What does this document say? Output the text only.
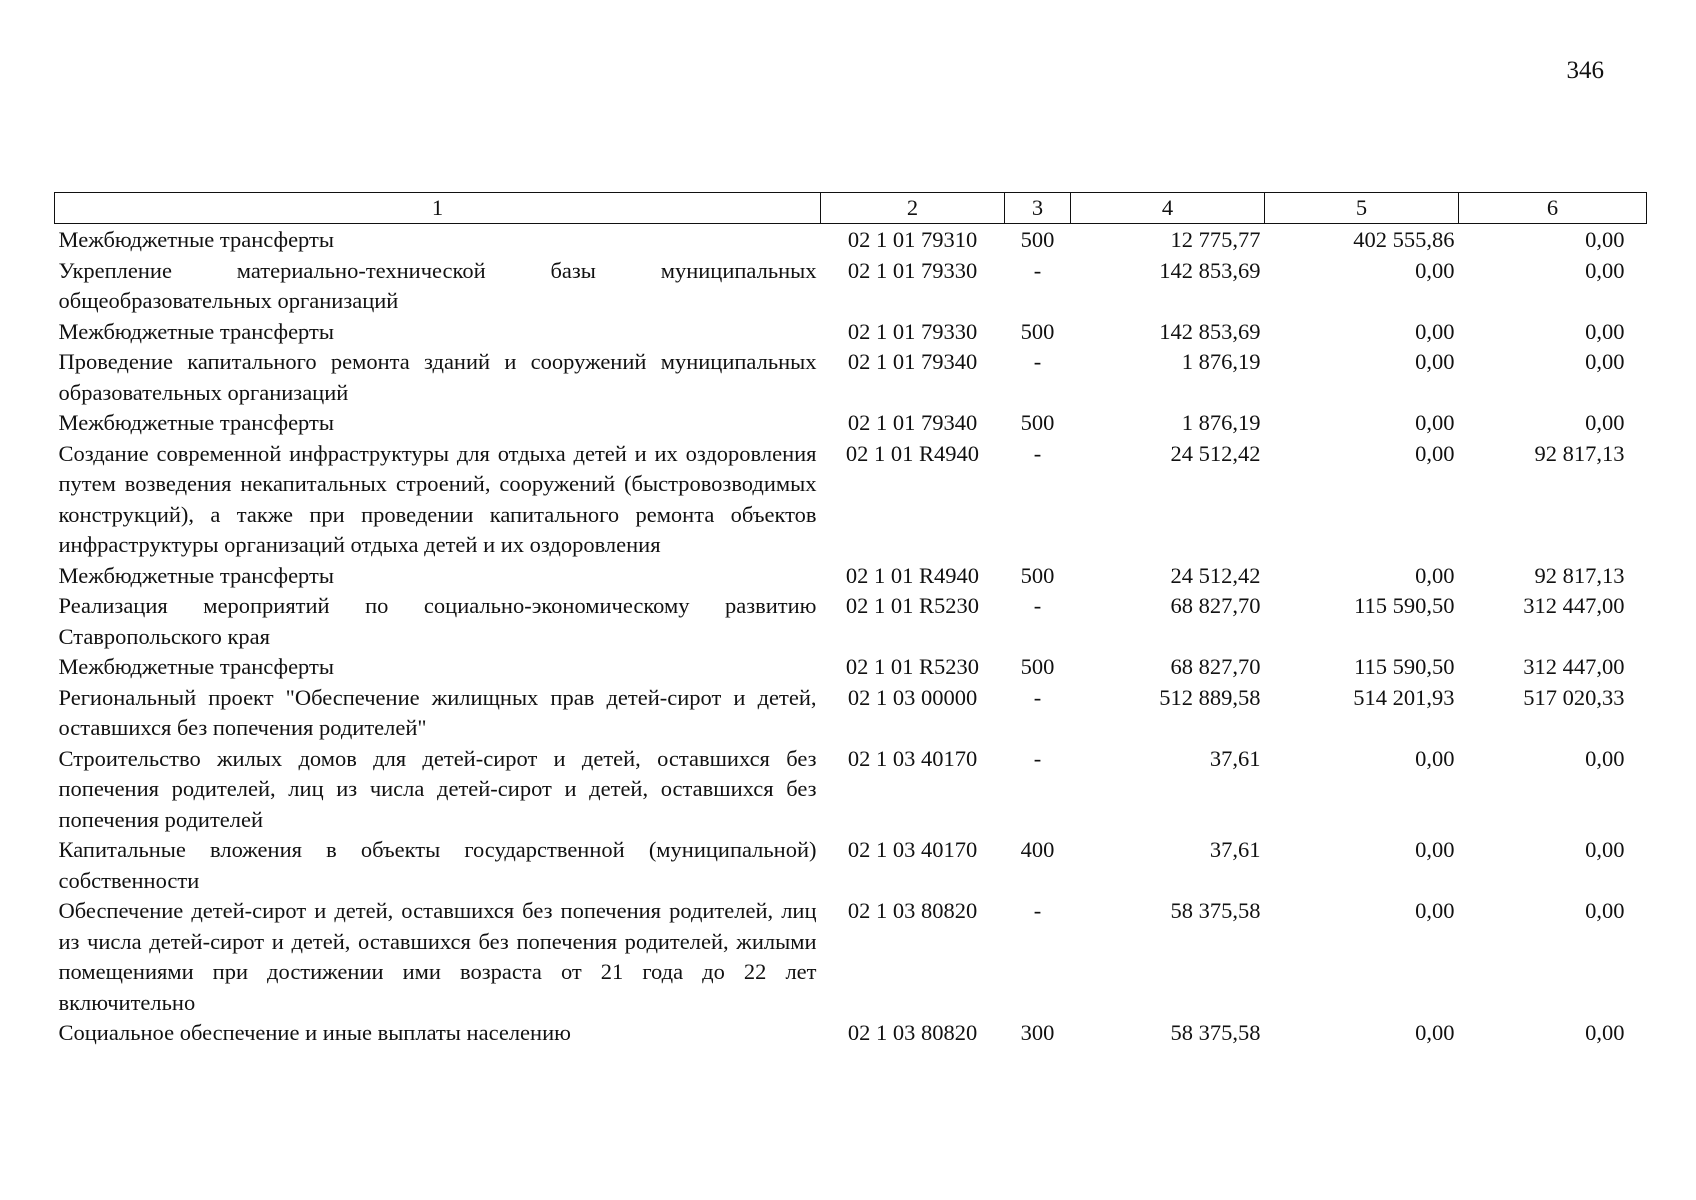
346
1	2	3	4	5	6
Межбюджетные трансферты	02 1 01 79310	500	12 775,77	402 555,86	0,00
Укрепление материально-технической базы муниципальных общеобразовательных организаций	02 1 01 79330	-	142 853,69	0,00	0,00
Межбюджетные трансферты	02 1 01 79330	500	142 853,69	0,00	0,00
Проведение капитального ремонта зданий и сооружений муниципальных образовательных организаций	02 1 01 79340	-	1 876,19	0,00	0,00
Межбюджетные трансферты	02 1 01 79340	500	1 876,19	0,00	0,00
Создание современной инфраструктуры для отдыха детей и их оздоровления путем возведения некапитальных строений, сооружений (быстровозводимых конструкций), а также при проведении капитального ремонта объектов инфраструктуры организаций отдыха детей и их оздоровления	02 1 01 R4940	-	24 512,42	0,00	92 817,13
Межбюджетные трансферты	02 1 01 R4940	500	24 512,42	0,00	92 817,13
Реализация мероприятий по социально-экономическому развитию Ставропольского края	02 1 01 R5230	-	68 827,70	115 590,50	312 447,00
Межбюджетные трансферты	02 1 01 R5230	500	68 827,70	115 590,50	312 447,00
Региональный проект "Обеспечение жилищных прав детей-сирот и детей, оставшихся без попечения родителей"	02 1 03 00000	-	512 889,58	514 201,93	517 020,33
Строительство жилых домов для детей-сирот и детей, оставшихся без попечения родителей, лиц из числа детей-сирот и детей, оставшихся без попечения родителей	02 1 03 40170	-	37,61	0,00	0,00
Капитальные вложения в объекты государственной (муниципальной) собственности	02 1 03 40170	400	37,61	0,00	0,00
Обеспечение детей-сирот и детей, оставшихся без попечения родителей, лиц из числа детей-сирот и детей, оставшихся без попечения родителей, жилыми помещениями при достижении ими возраста от 21 года до 22 лет включительно	02 1 03 80820	-	58 375,58	0,00	0,00
Социальное обеспечение и иные выплаты населению	02 1 03 80820	300	58 375,58	0,00	0,00
